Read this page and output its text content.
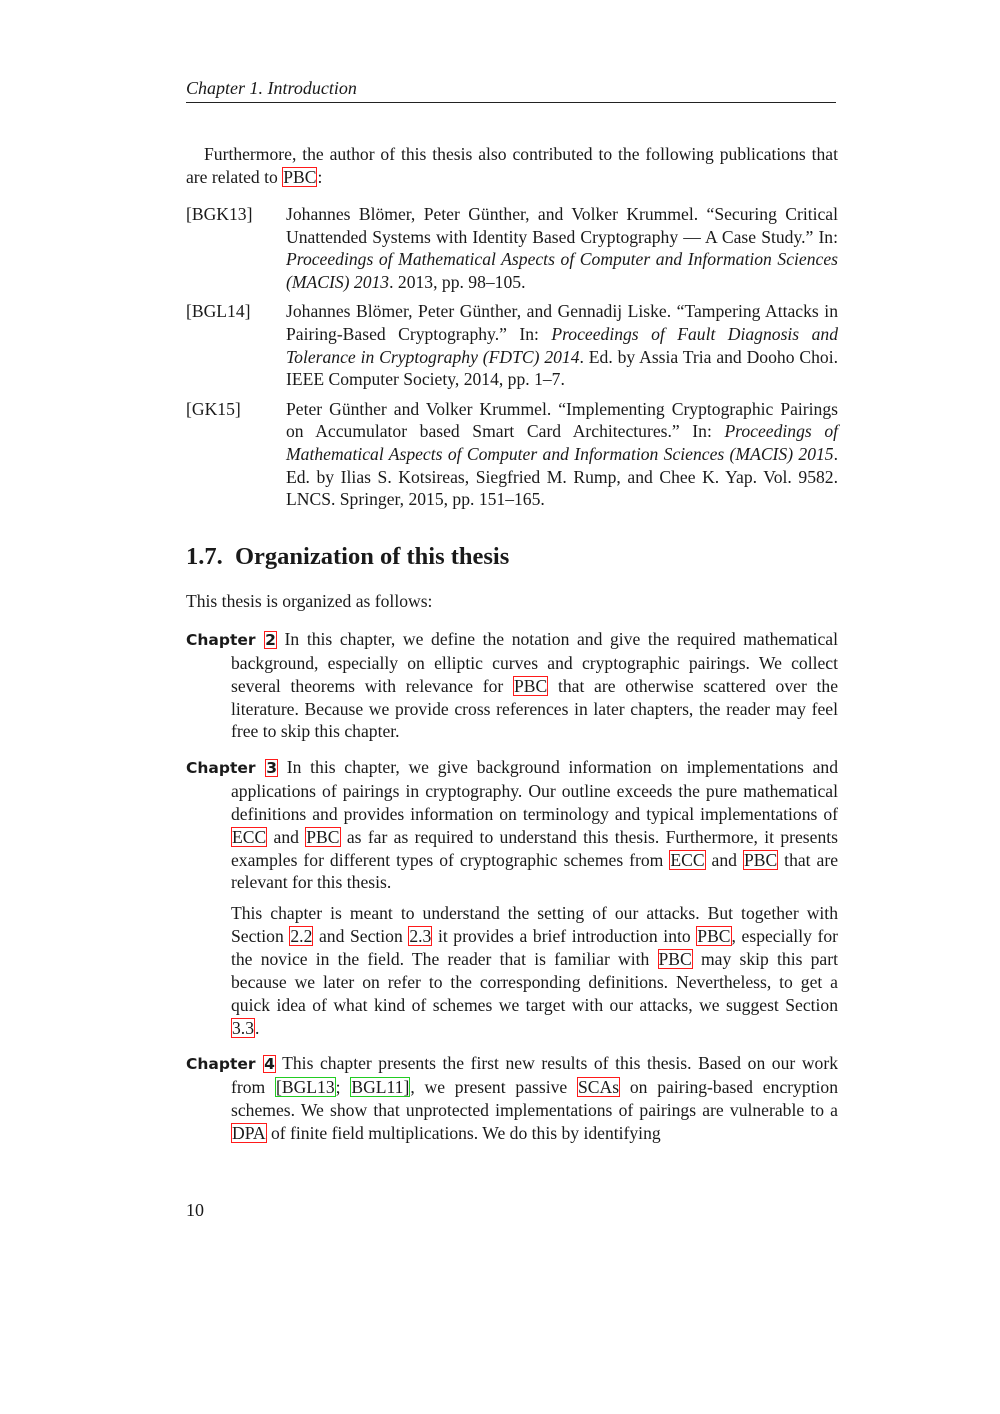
Chapter 1. Introduction

Furthermore, the author of this thesis also contributed to the following publications that are related to PBC:

[BGK13]	Johannes Blömer, Peter Günther, and Volker Krummel. “Securing Critical Unattended Systems with Identity Based Cryptography — A Case Study.” In: Proceedings of Mathematical Aspects of Computer and Information Sciences (MACIS) 2013. 2013, pp. 98–105.
[BGL14]	Johannes Blömer, Peter Günther, and Gennadij Liske. “Tampering Attacks in Pairing-Based Cryptography.” In: Proceedings of Fault Diagnosis and Tolerance in Cryptography (FDTC) 2014. Ed. by Assia Tria and Dooho Choi. IEEE Computer Society, 2014, pp. 1–7.
[GK15]	Peter Günther and Volker Krummel. “Implementing Cryptographic Pairings on Accumulator based Smart Card Architectures.” In: Proceedings of Mathematical Aspects of Computer and Information Sciences (MACIS) 2015. Ed. by Ilias S. Kotsireas, Siegfried M. Rump, and Chee K. Yap. Vol. 9582. LNCS. Springer, 2015, pp. 151–165.
1.7. Organization of this thesis

This thesis is organized as follows:

Chapter 2 In this chapter, we define the notation and give the required mathematical background, especially on elliptic curves and cryptographic pairings. We collect several theorems with relevance for PBC that are otherwise scattered over the literature. Because we provide cross references in later chapters, the reader may feel free to skip this chapter.

Chapter 3 In this chapter, we give background information on implementations and applications of pairings in cryptography. Our outline exceeds the pure mathematical definitions and provides information on terminology and typical implementations of ECC and PBC as far as required to understand this thesis. Furthermore, it presents examples for different types of cryptographic schemes from ECC and PBC that are relevant for this thesis.

This chapter is meant to understand the setting of our attacks. But together with Section 2.2 and Section 2.3 it provides a brief introduction into PBC, especially for the novice in the field. The reader that is familiar with PBC may skip this part because we later on refer to the corresponding definitions. Nevertheless, to get a quick idea of what kind of schemes we target with our attacks, we suggest Section 3.3.

Chapter 4 This chapter presents the first new results of this thesis. Based on our work from [BGL13; BGL11], we present passive SCAs on pairing-based encryption schemes. We show that unprotected implementations of pairings are vulnerable to a DPA of finite field multiplications. We do this by identifying

10
